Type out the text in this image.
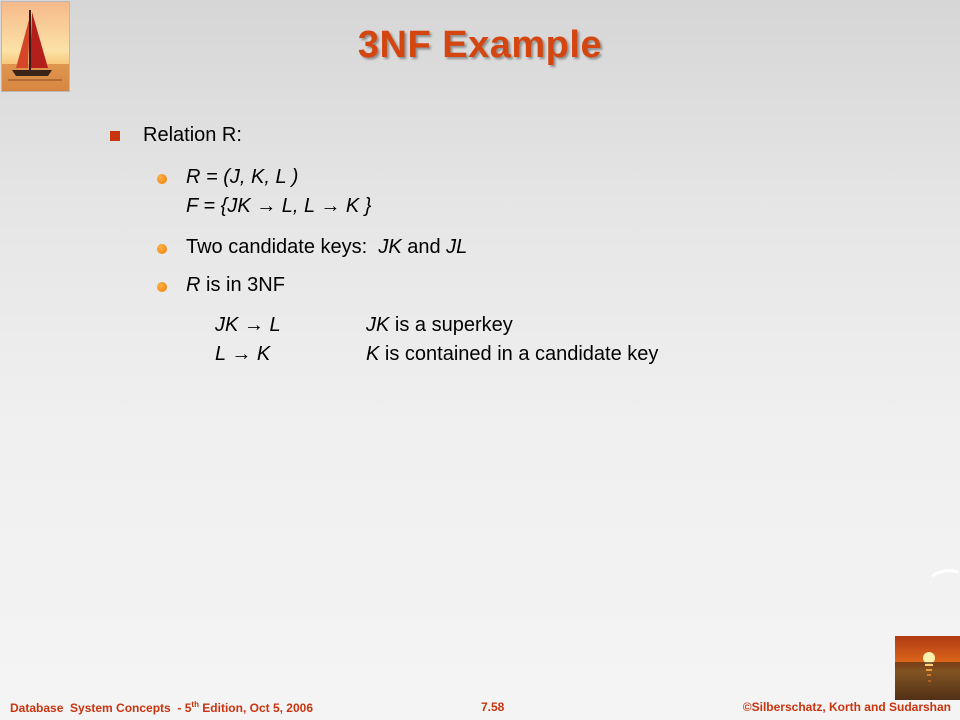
3NF Example
Relation R:
R = (J, K, L )
F = {JK → L, L → K }
Two candidate keys:  JK and JL
R is in 3NF
JK → L	JK is a superkey
L → K	K is contained in a candidate key
Database  System Concepts  - 5th Edition, Oct 5, 2006	7.58	©Silberschatz, Korth and Sudarshan
